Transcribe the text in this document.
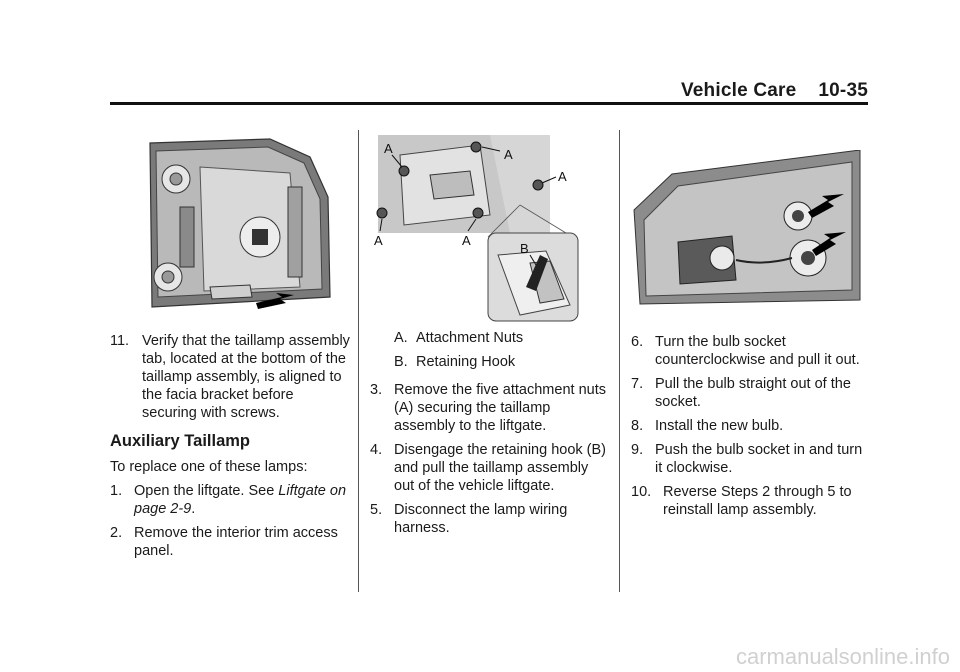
Vehicle Care 10-35
A	A
A
A	A
B
11. Verify that the taillamp assembly tab, located at the bottom of the taillamp assembly, is aligned to the facia bracket before securing with screws.
Auxiliary Taillamp
To replace one of these lamps:
1. Open the liftgate. See Liftgate on page 2-9.
2. Remove the interior trim access panel.
A. Attachment Nuts
B. Retaining Hook
3. Remove the five attachment nuts (A) securing the taillamp assembly to the liftgate.
4. Disengage the retaining hook (B) and pull the taillamp assembly out of the vehicle liftgate.
5. Disconnect the lamp wiring harness.
6. Turn the bulb socket counterclockwise and pull it out.
7. Pull the bulb straight out of the socket.
8. Install the new bulb.
9. Push the bulb socket in and turn it clockwise.
10. Reverse Steps 2 through 5 to reinstall lamp assembly.
carmanualsonline.info
